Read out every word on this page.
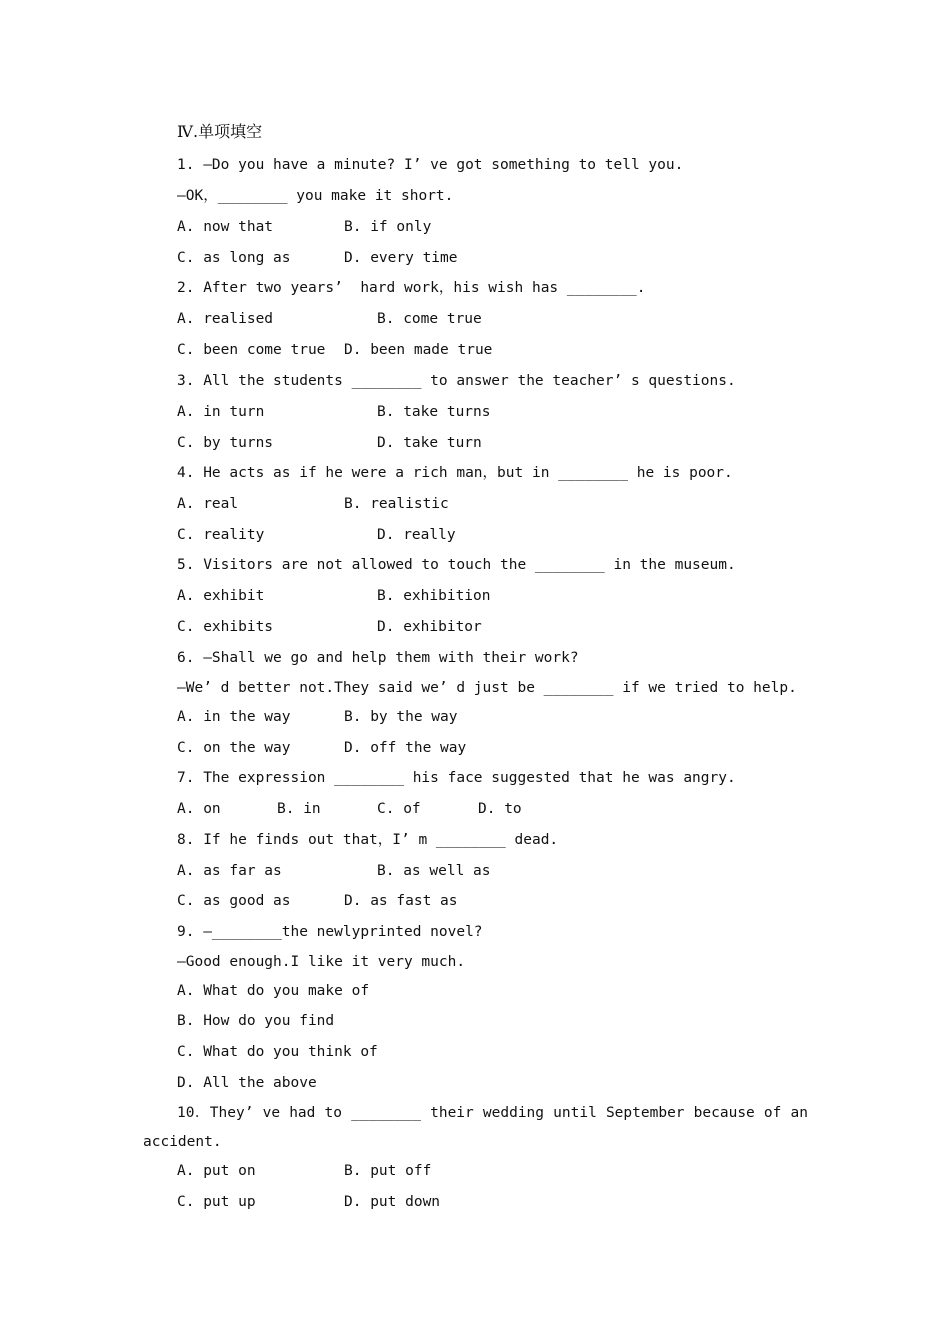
Ⅳ.单项填空
1. —Do you have a minute? I’ ve got something to tell you.
—OK，________ you make it short.
A. now that	B. if only
C. as long as	D. every time
2. After two years’  hard work，his wish has ________.
A. realised	B. come true
C. been come true D. been made true
3. All the students ________ to answer the teacher’ s questions.
A. in turn	B. take turns
C. by turns	D. take turn
4. He acts as if he were a rich man，but in ________ he is poor.
A. real	B. realistic
C. reality	D. really
5. Visitors are not allowed to touch the ________ in the museum.
A. exhibit	B. exhibition
C. exhibits	D. exhibitor
6. —Shall we go and help them with their work?
—We’ d better not.They said we’ d just be ________ if we tried to help.
A. in the way	B. by the way
C. on the way	D. off the way
7. The expression ________ his face suggested that he was angry.
A. on	B. in	C. of	D. to
8. If he finds out that，I’ m ________ dead.
A. as far as	B. as well as
C. as good as	D. as fast as
9. —________the newlyprinted novel?
—Good enough.I like it very much.
A. What do you make of
B. How do you find
C. What do you think of
D. All the above
10．They’ ve had to ________ their wedding until September because of an accident.
A. put on	B. put off
C. put up	D. put down
